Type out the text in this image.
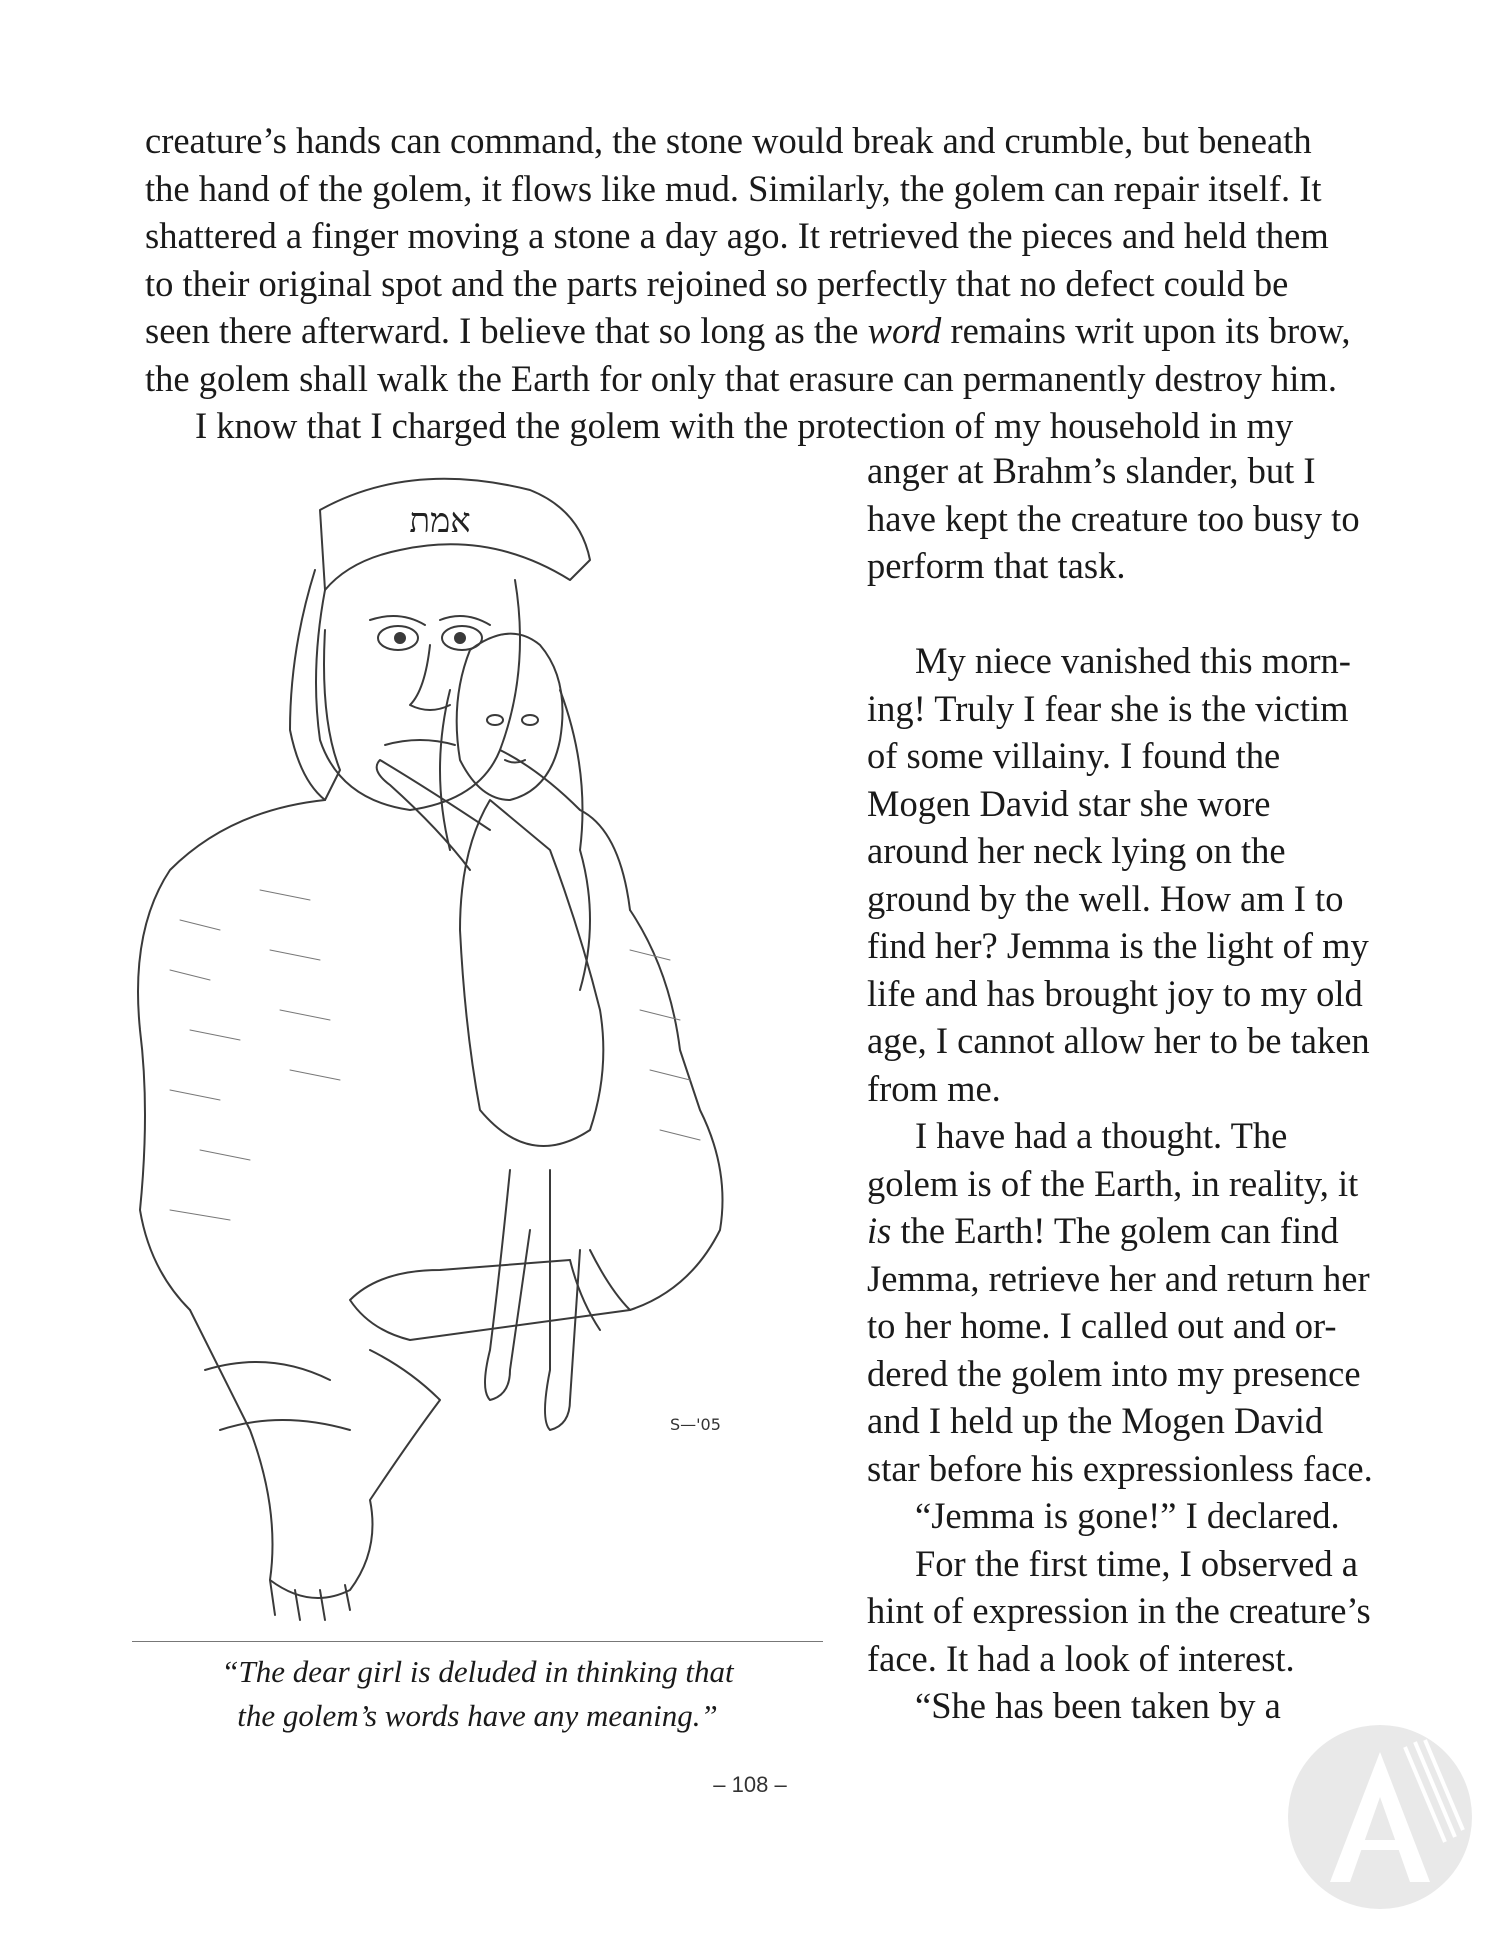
creature’s hands can command, the stone would break and crumble, but beneath
the hand of the golem, it flows like mud. Similarly, the golem can repair itself. It
shattered a finger moving a stone a day ago. It retrieved the pieces and held them
to their original spot and the parts rejoined so perfectly that no defect could be
seen there afterward. I believe that so long as the word remains writ upon its brow,
the golem shall walk the Earth for only that erasure can permanently destroy him.
I know that I charged the golem with the protection of my household in my
anger at Brahm’s slander, but I
have kept the creature too busy to
perform that task.
My niece vanished this morn-
ing! Truly I fear she is the victim
of some villainy. I found the
Mogen David star she wore
around her neck lying on the
ground by the well. How am I to
find her? Jemma is the light of my
life and has brought joy to my old
age, I cannot allow her to be taken
from me.
I have had a thought. The
golem is of the Earth, in reality, it
is the Earth! The golem can find
Jemma, retrieve her and return her
to her home. I called out and or-
dered the golem into my presence
and I held up the Mogen David
star before his expressionless face.
“Jemma is gone!” I declared.
For the first time, I observed a
hint of expression in the creature’s
face. It had a look of interest.
“She has been taken by a
אמת
S—'05
“The dear girl is deluded in thinking that
the golem’s words have any meaning.”
– 108 –
